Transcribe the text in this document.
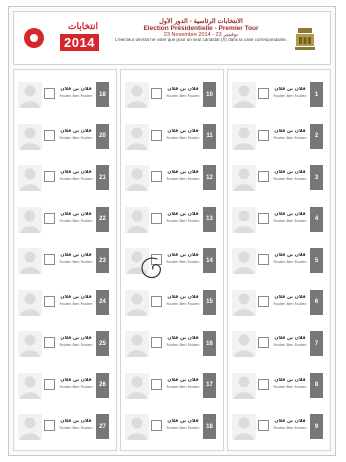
انتخابات
2014
الانتخابات الرئاسية - الدور الأول
Election Présidentielle - Premier Tour
23 Novembre 2014 - 23 نوفمبر
L'électeur devrait ne voter que pour un seul candidat (X) dans la case correspondante.
فلان بن فلان
Foulen Ben Foulen	18
فلان بن فلان
Foulen Ben Foulen	20
فلان بن فلان
Foulen Ben Foulen	21
فلان بن فلان
Foulen Ben Foulen	22
فلان بن فلان
Foulen Ben Foulen	23
فلان بن فلان
Foulen Ben Foulen	24
فلان بن فلان
Foulen Ben Foulen	25
فلان بن فلان
Foulen Ben Foulen	26
فلان بن فلان
Foulen Ben Foulen	27
فلان بن فلان
Foulen Ben Foulen	10
فلان بن فلان
Foulen Ben Foulen	11
فلان بن فلان
Foulen Ben Foulen	12
فلان بن فلان
Foulen Ben Foulen	13
فلان بن فلان
Foulen Ben Foulen	14
فلان بن فلان
Foulen Ben Foulen	15
فلان بن فلان
Foulen Ben Foulen	16
فلان بن فلان
Foulen Ben Foulen	17
فلان بن فلان
Foulen Ben Foulen	18
فلان بن فلان
Foulen Ben Foulen	1
فلان بن فلان
Foulen Ben Foulen	2
فلان بن فلان
Foulen Ben Foulen	3
فلان بن فلان
Foulen Ben Foulen	4
فلان بن فلان
Foulen Ben Foulen	5
فلان بن فلان
Foulen Ben Foulen	6
فلان بن فلان
Foulen Ben Foulen	7
فلان بن فلان
Foulen Ben Foulen	8
فلان بن فلان
Foulen Ben Foulen	9
